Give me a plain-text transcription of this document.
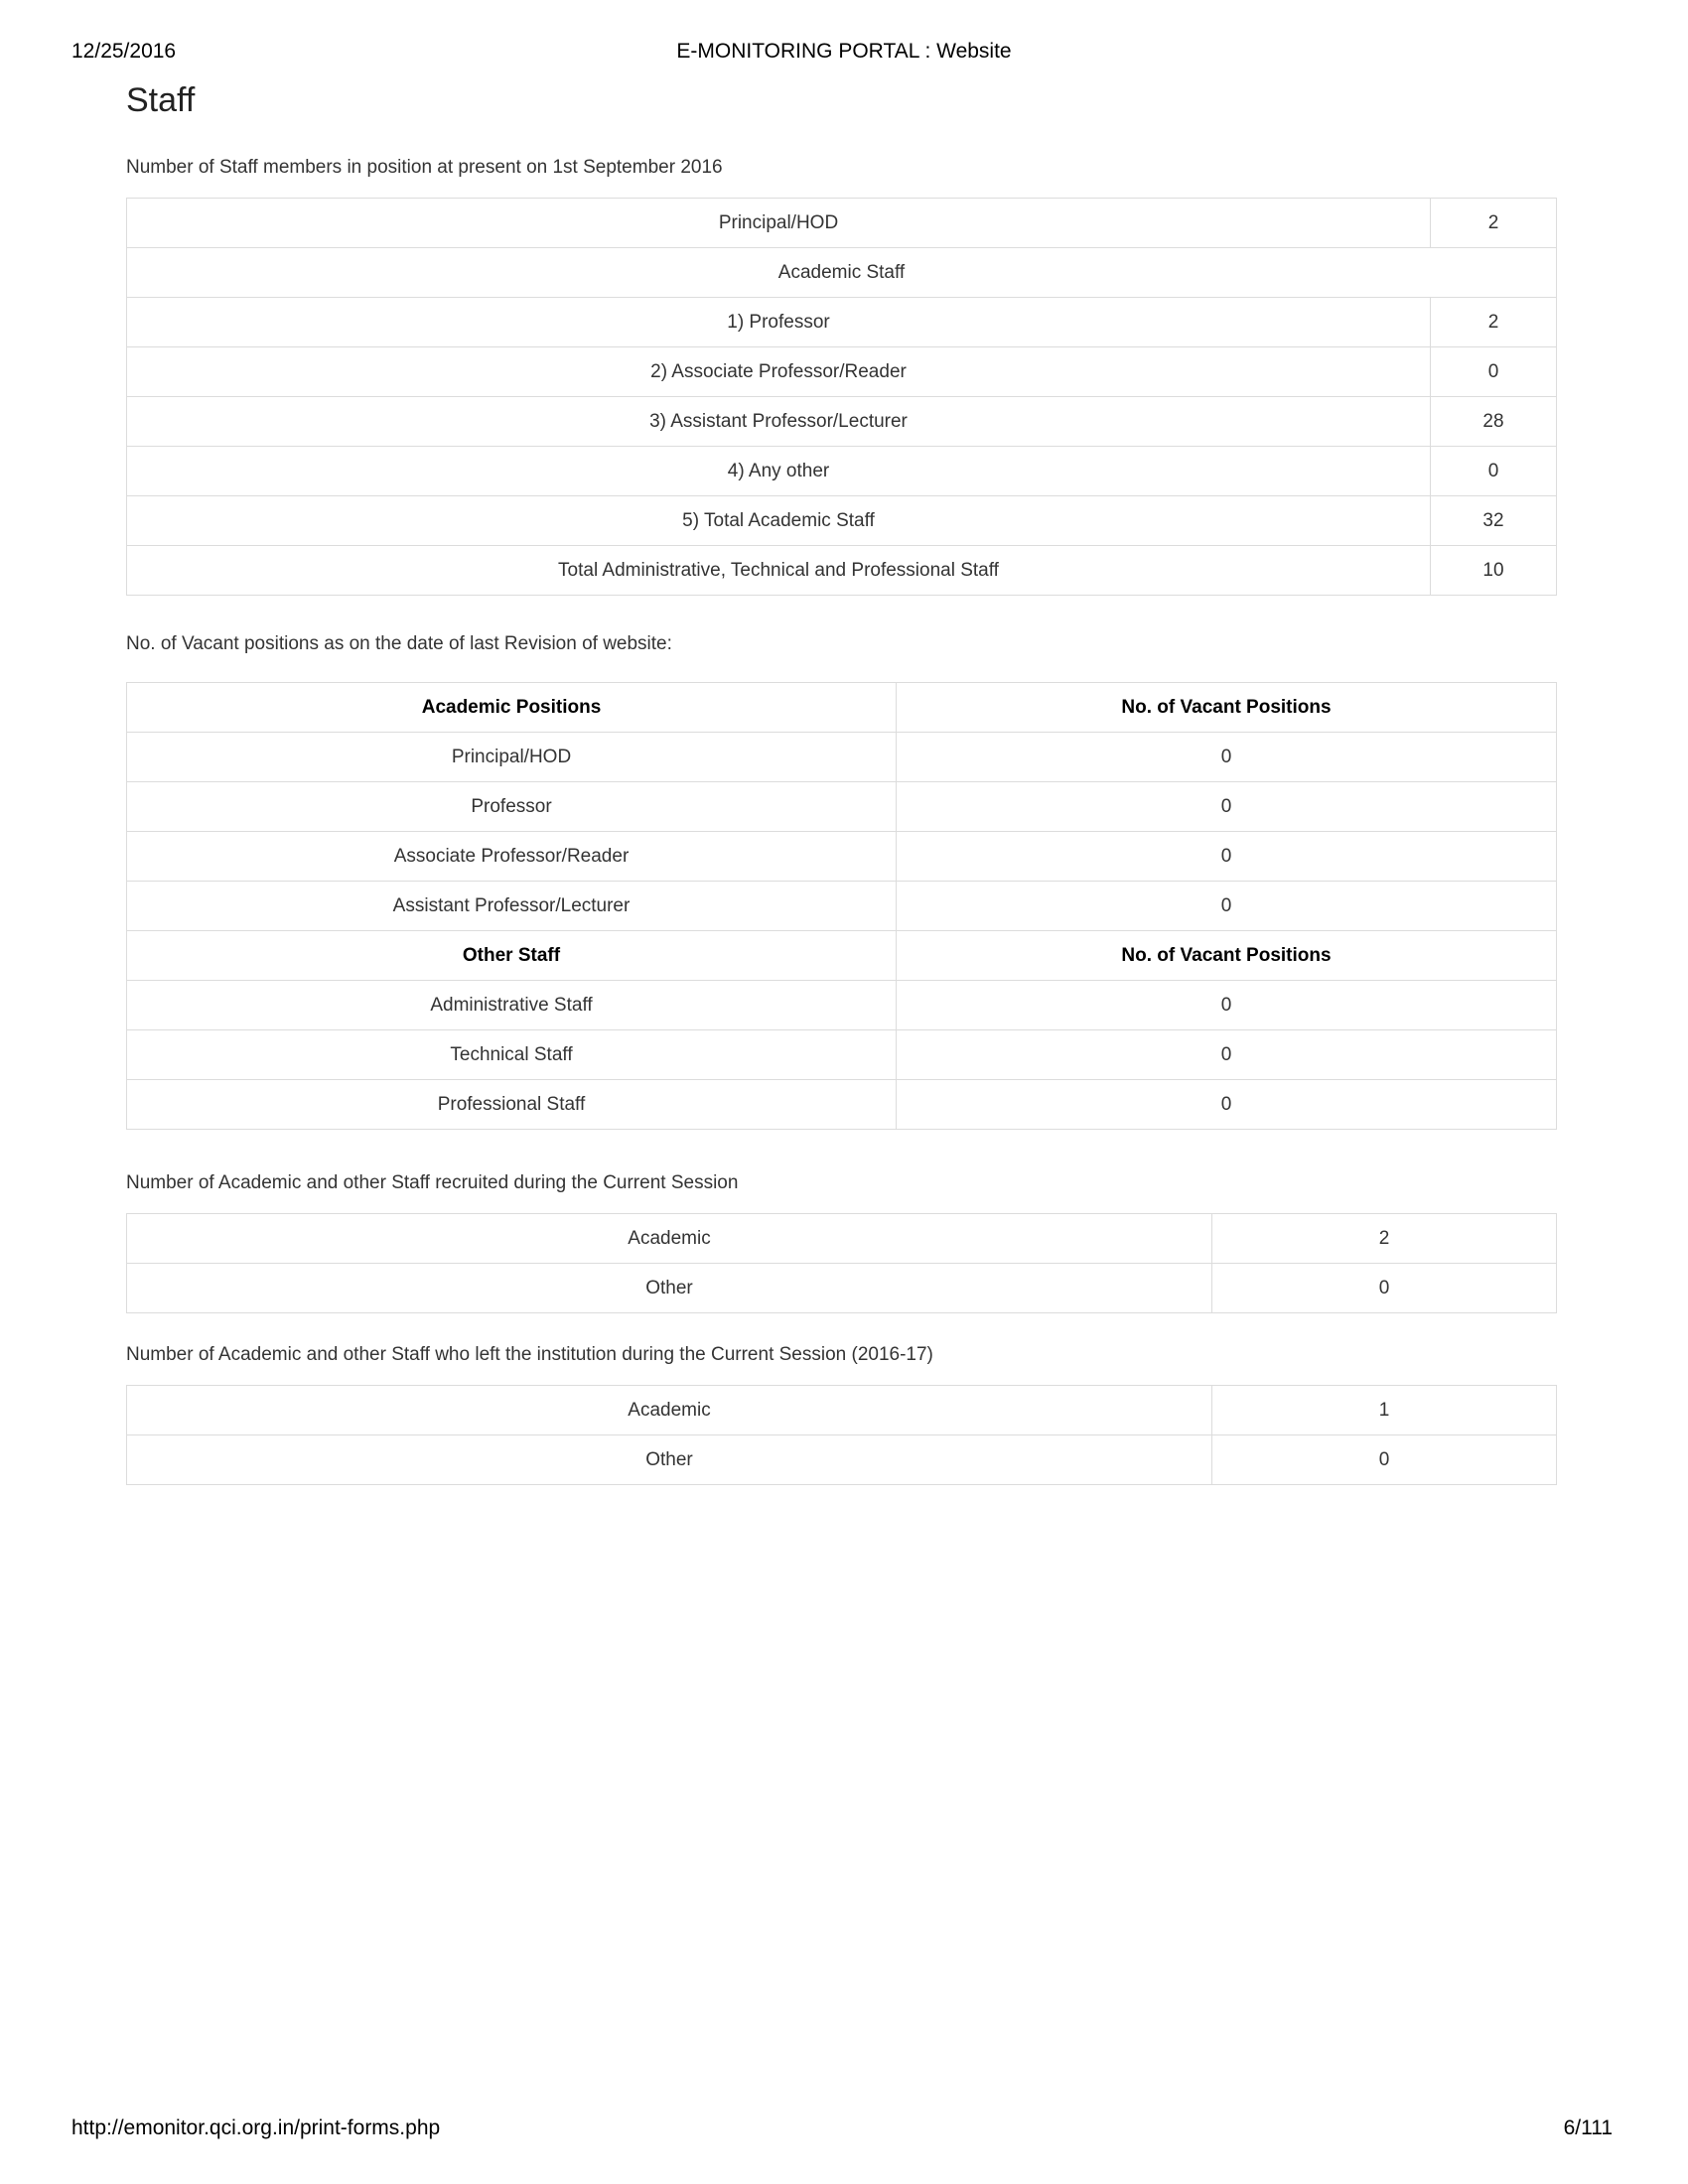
12/25/2016	E-MONITORING PORTAL : Website
Staff
Number of Staff members in position at present on 1st September 2016
Principal/HOD	2
Academic Staff	
1) Professor	2
2) Associate Professor/Reader	0
3) Assistant Professor/Lecturer	28
4) Any other	0
5) Total Academic Staff	32
Total Administrative, Technical and Professional Staff	10
No. of Vacant positions as on the date of last Revision of website:
Academic Positions	No. of Vacant Positions
Principal/HOD	0
Professor	0
Associate Professor/Reader	0
Assistant Professor/Lecturer	0
Other Staff	No. of Vacant Positions
Administrative Staff	0
Technical Staff	0
Professional Staff	0
Number of Academic and other Staff recruited during the Current Session
Academic	2
Other	0
Number of Academic and other Staff who left the institution during the Current Session (2016-17)
Academic	1
Other	0
http://emonitor.qci.org.in/print-forms.php	6/111
